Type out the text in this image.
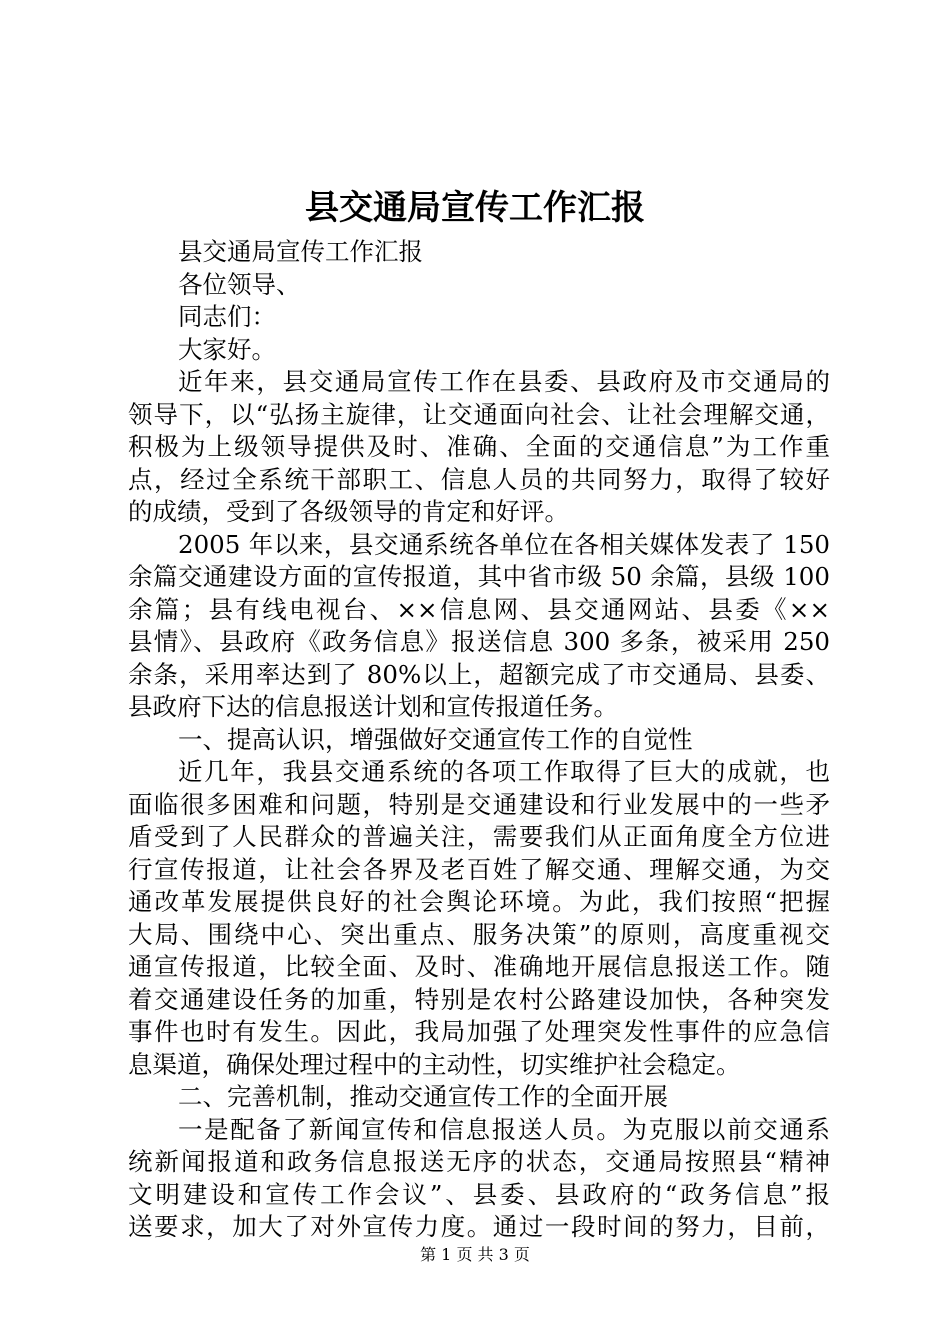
县交通局宣传工作汇报
县交通局宣传工作汇报
各位领导、
同志们：
大家好。
近年来，县交通局宣传工作在县委、县政府及市交通局的
领导下，以“弘扬主旋律，让交通面向社会、让社会理解交通，
积极为上级领导提供及时、准确、全面的交通信息”为工作重
点，经过全系统干部职工、信息人员的共同努力，取得了较好
的成绩，受到了各级领导的肯定和好评。
2005 年以来，县交通系统各单位在各相关媒体发表了 150
余篇交通建设方面的宣传报道，其中省市级 50 余篇，县级 100
余篇；县有线电视台、××信息网、县交通网站、县委《××
县情》、县政府《政务信息》报送信息 300 多条，被采用 250
余条，采用率达到了 80%以上，超额完成了市交通局、县委、
县政府下达的信息报送计划和宣传报道任务。
一、提高认识，增强做好交通宣传工作的自觉性
近几年，我县交通系统的各项工作取得了巨大的成就，也
面临很多困难和问题，特别是交通建设和行业发展中的一些矛
盾受到了人民群众的普遍关注，需要我们从正面角度全方位进
行宣传报道，让社会各界及老百姓了解交通、理解交通，为交
通改革发展提供良好的社会舆论环境。为此，我们按照“把握
大局、围绕中心、突出重点、服务决策”的原则，高度重视交
通宣传报道，比较全面、及时、准确地开展信息报送工作。随
着交通建设任务的加重，特别是农村公路建设加快，各种突发
事件也时有发生。因此，我局加强了处理突发性事件的应急信
息渠道，确保处理过程中的主动性，切实维护社会稳定。
二、完善机制，推动交通宣传工作的全面开展
一是配备了新闻宣传和信息报送人员。为克服以前交通系
统新闻报道和政务信息报送无序的状态，交通局按照县“精神
文明建设和宣传工作会议”、县委、县政府的“政务信息”报
送要求，加大了对外宣传力度。通过一段时间的努力，目前，
第 1 页 共 3 页
